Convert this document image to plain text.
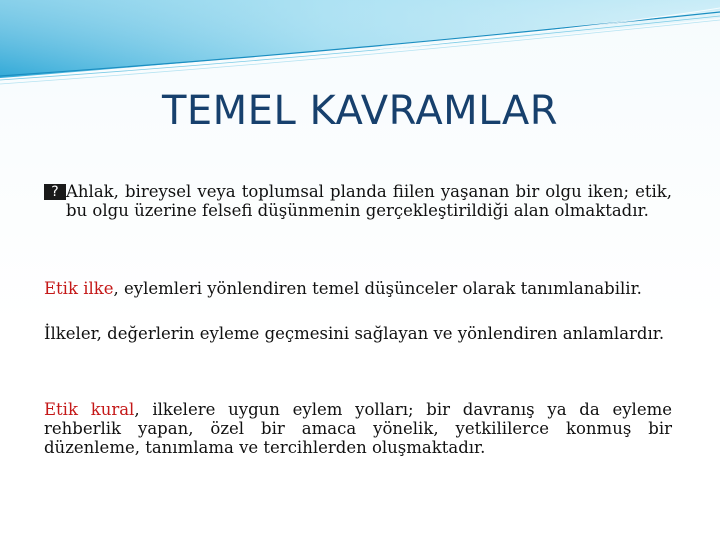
TEMEL KAVRAMLAR
? Ahlak, bireysel veya toplumsal planda fiilen yaşanan bir olgu iken; etik, bu olgu üzerine felsefi düşünmenin gerçekleştirildiği alan olmaktadır.
Etik ilke, eylemleri yönlendiren temel düşünceler olarak tanımlanabilir.
İlkeler, değerlerin eyleme geçmesini sağlayan ve yönlendiren anlamlardır.
Etik kural, ilkelere uygun eylem yolları; bir davranış ya da eyleme rehberlik yapan, özel bir amaca yönelik, yetkililerce konmuş bir düzenleme, tanımlama ve tercihlerden oluşmaktadır.
